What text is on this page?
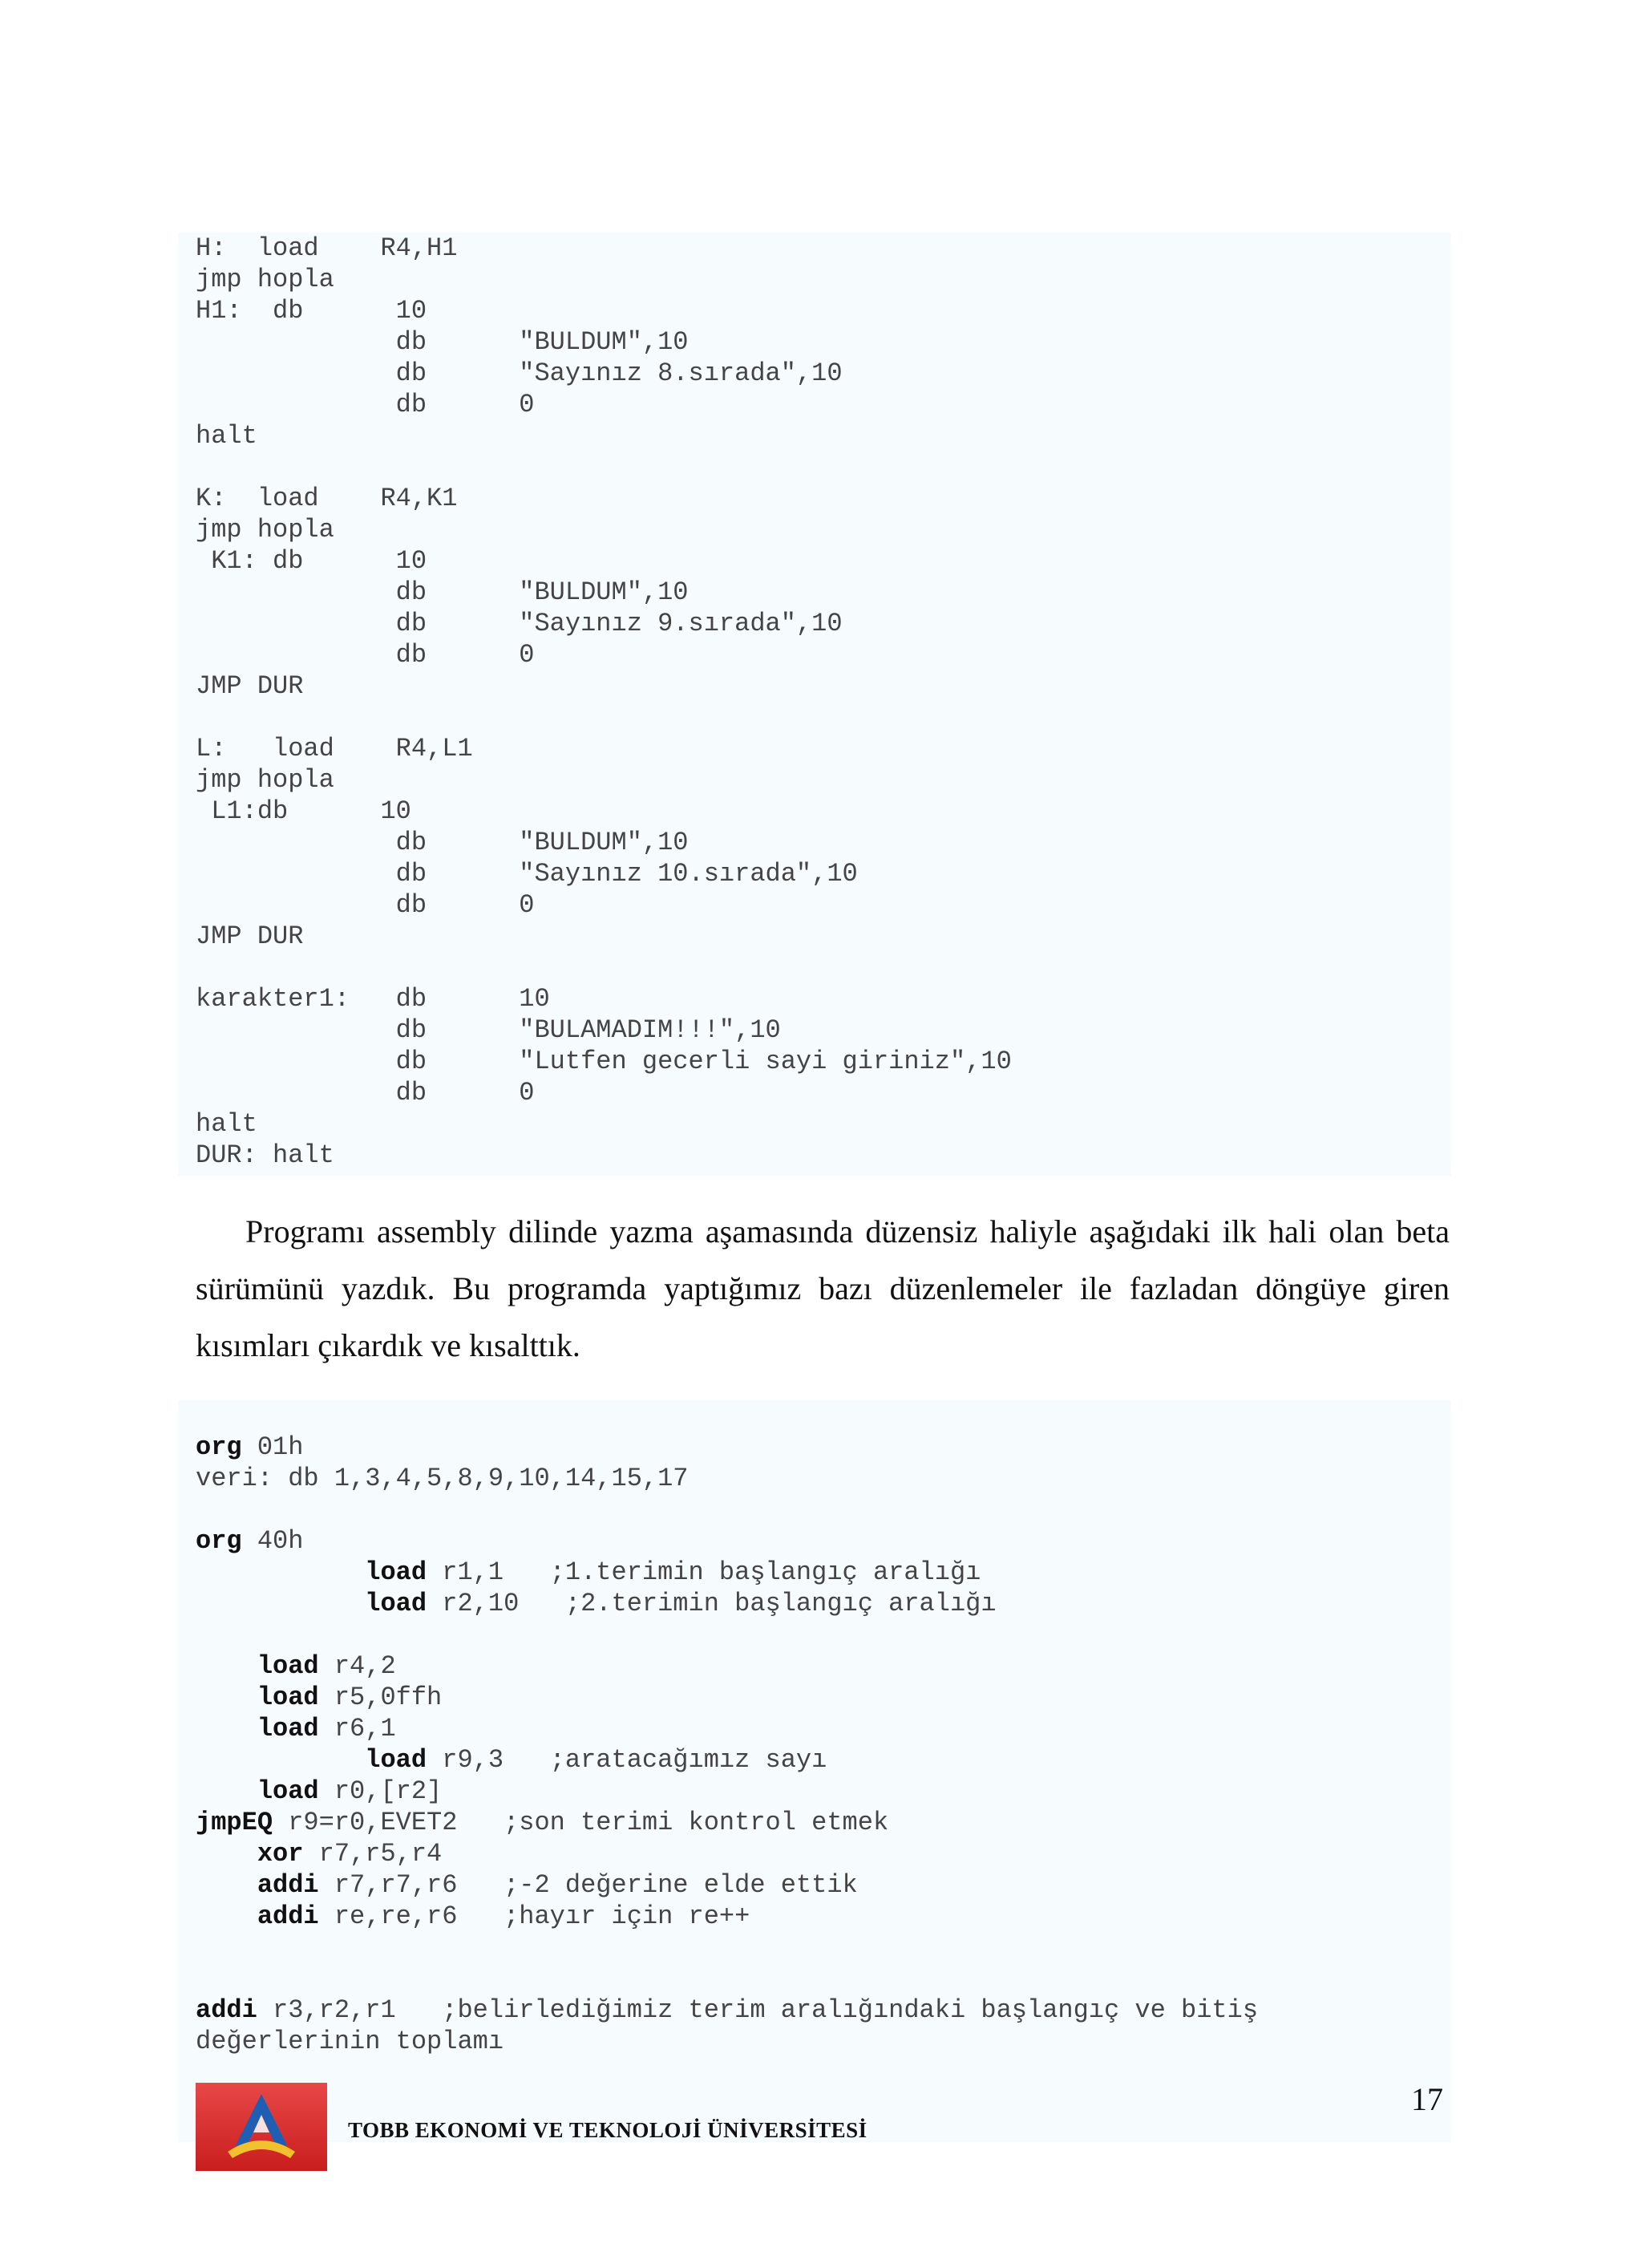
H:  load    R4,H1
jmp hopla
H1:  db      10
db      "BULDUM",10
db      "Sayınız 8.sırada",10
db      0
halt
K:  load    R4,K1
jmp hopla
K1: db      10
db      "BULDUM",10
db      "Sayınız 9.sırada",10
db      0
JMP DUR
L:   load    R4,L1
jmp hopla
L1:db      10
db      "BULDUM",10
db      "Sayınız 10.sırada",10
db      0
JMP DUR
karakter1:   db      10
db      "BULAMADIM!!!",10
db      "Lutfen gecerli sayi giriniz",10
db      0
halt
DUR: halt

Programı assembly dilinde yazma aşamasında düzensiz haliyle aşağıdaki ilk hali olan beta sürümünü yazdık. Bu programda yaptığımız bazı düzenlemeler ile fazladan döngüye giren kısımları çıkardık ve kısalttık.

org 01h
veri: db 1,3,4,5,8,9,10,14,15,17
org 40h
load r1,1   ;1.terimin başlangıç aralığı
load r2,10   ;2.terimin başlangıç aralığı
load r4,2
load r5,0ffh
load r6,1
load r9,3   ;aratacağımız sayı
load r0,[r2]
jmpEQ r9=r0,EVET2   ;son terimi kontrol etmek
xor r7,r5,r4
addi r7,r7,r6   ;-2 değerine elde ettik
addi re,re,r6   ;hayır için re++
addi r3,r2,r1   ;belirlediğimiz terim aralığındaki başlangıç ve bitiş
değerlerinin toplamı
TOBB EKONOMİ VE TEKNOLOJİ ÜNİVERSİTESİ
17
